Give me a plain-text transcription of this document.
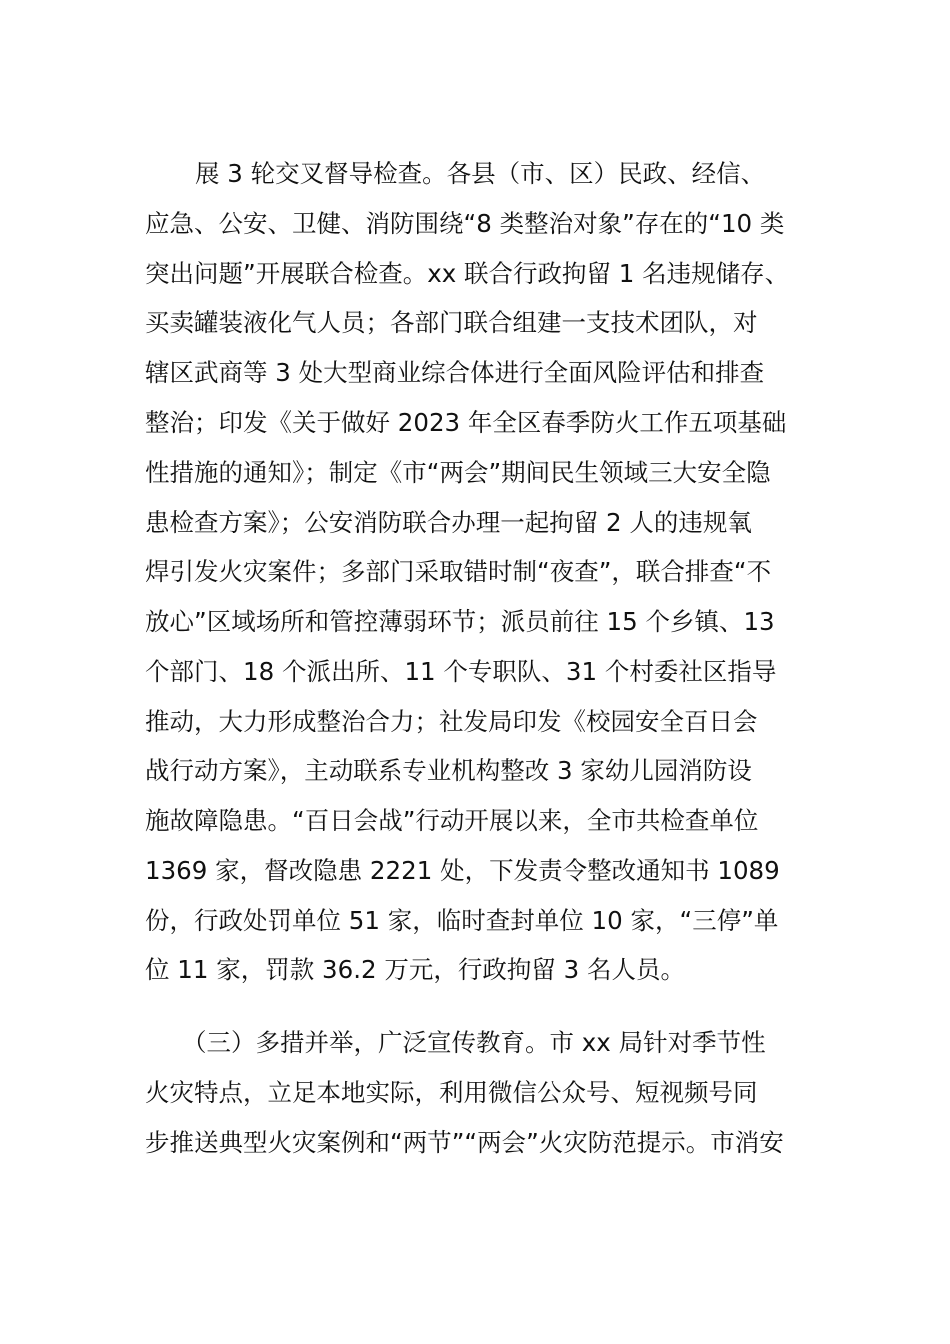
展 3 轮交叉督导检查。各县（市、区）民政、经信、
应急、公安、卫健、消防围绕“8 类整治对象”存在的“10 类
突出问题”开展联合检查。xx 联合行政拘留 1 名违规储存、
买卖罐装液化气人员；各部门联合组建一支技术团队，对
辖区武商等 3 处大型商业综合体进行全面风险评估和排查
整治；印发《关于做好 2023 年全区春季防火工作五项基础
性措施的通知》；制定《市“两会”期间民生领域三大安全隐
患检查方案》；公安消防联合办理一起拘留 2 人的违规氧
焊引发火灾案件；多部门采取错时制“夜查”，联合排查“不
放心”区域场所和管控薄弱环节；派员前往 15 个乡镇、13
个部门、18 个派出所、11 个专职队、31 个村委社区指导
推动，大力形成整治合力；社发局印发《校园安全百日会
战行动方案》，主动联系专业机构整改 3 家幼儿园消防设
施故障隐患。“百日会战”行动开展以来，全市共检查单位
1369 家，督改隐患 2221 处，下发责令整改通知书 1089
份，行政处罚单位 51 家，临时查封单位 10 家，“三停”单
位 11 家，罚款 36.2 万元，行政拘留 3 名人员。
（三）多措并举，广泛宣传教育。市 xx 局针对季节性
火灾特点，立足本地实际，利用微信公众号、短视频号同
步推送典型火灾案例和“两节”“两会”火灾防范提示。市消安
